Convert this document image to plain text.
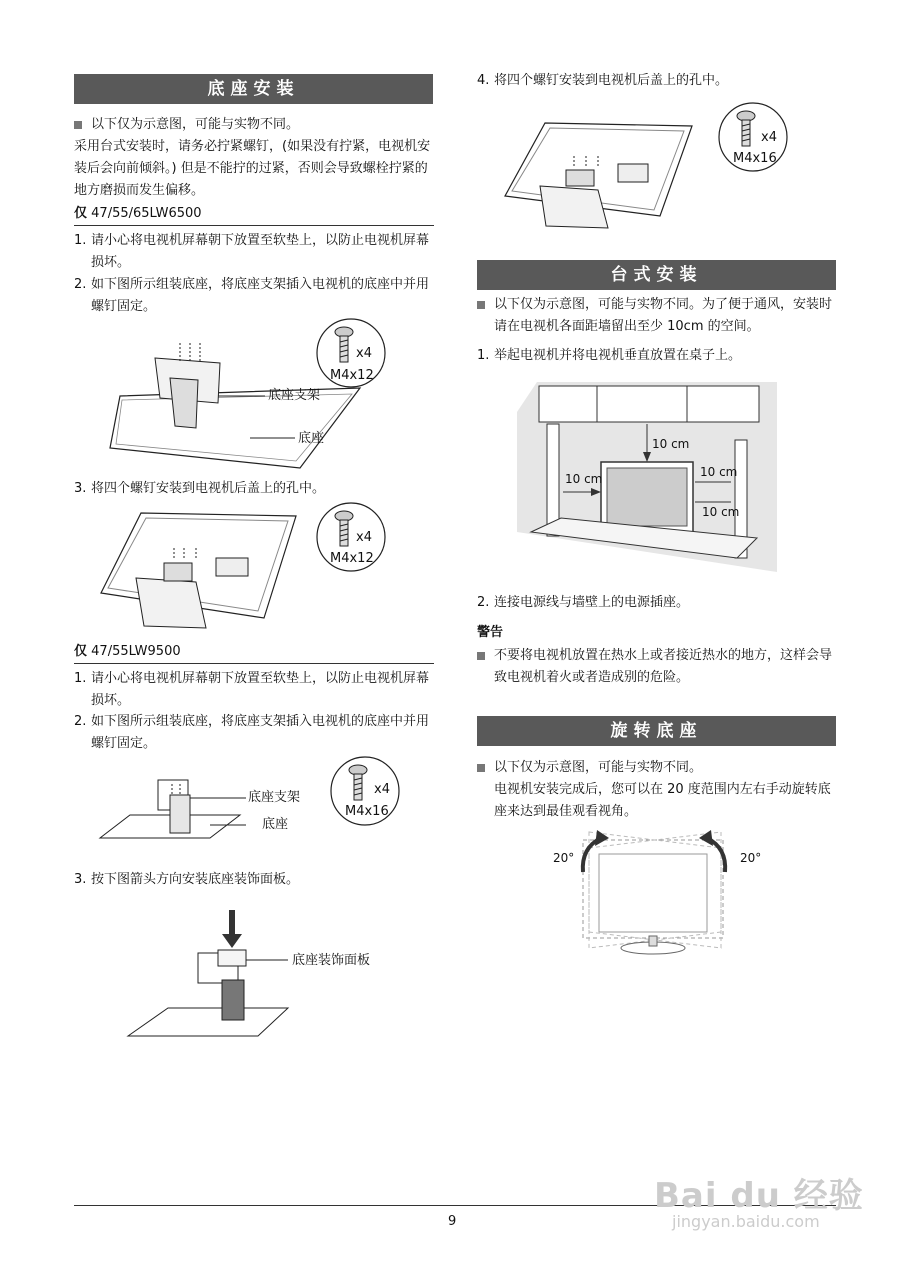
底座安装
以下仅为示意图，可能与实物不同。
采用台式安装时，请务必拧紧螺钉，(如果没有拧紧，电视机安装后会向前倾斜。) 但是不能拧的过紧，否则会导致螺栓拧紧的地方磨损而发生偏移。
仅 47/55/65LW6500
1. 请小心将电视机屏幕朝下放置至软垫上，以防止电视机屏幕损坏。
2. 如下图所示组装底座，将底座支架插入电视机的底座中并用螺钉固定。
底座支架
底座
x4
M4x12
3. 将四个螺钉安装到电视机后盖上的孔中。
x4
M4x12
仅 47/55LW9500
1. 请小心将电视机屏幕朝下放置至软垫上，以防止电视机屏幕损坏。
2. 如下图所示组装底座，将底座支架插入电视机的底座中并用螺钉固定。
底座支架
底座
x4
M4x16
3. 按下图箭头方向安装底座装饰面板。
底座装饰面板
4. 将四个螺钉安装到电视机后盖上的孔中。
x4
M4x16
台式安装
以下仅为示意图，可能与实物不同。为了便于通风，安装时请在电视机各面距墙留出至少 10cm 的空间。
1. 举起电视机并将电视机垂直放置在桌子上。
10 cm
10 cm	10 cm
10 cm
2. 连接电源线与墙壁上的电源插座。
警告
不要将电视机放置在热水上或者接近热水的地方，这样会导致电视机着火或者造成别的危险。
旋转底座
以下仅为示意图，可能与实物不同。
电视机安装完成后，您可以在 20 度范围内左右手动旋转底座来达到最佳观看视角。
20°	20°
9
Bai du 经验
jingyan.baidu.com
